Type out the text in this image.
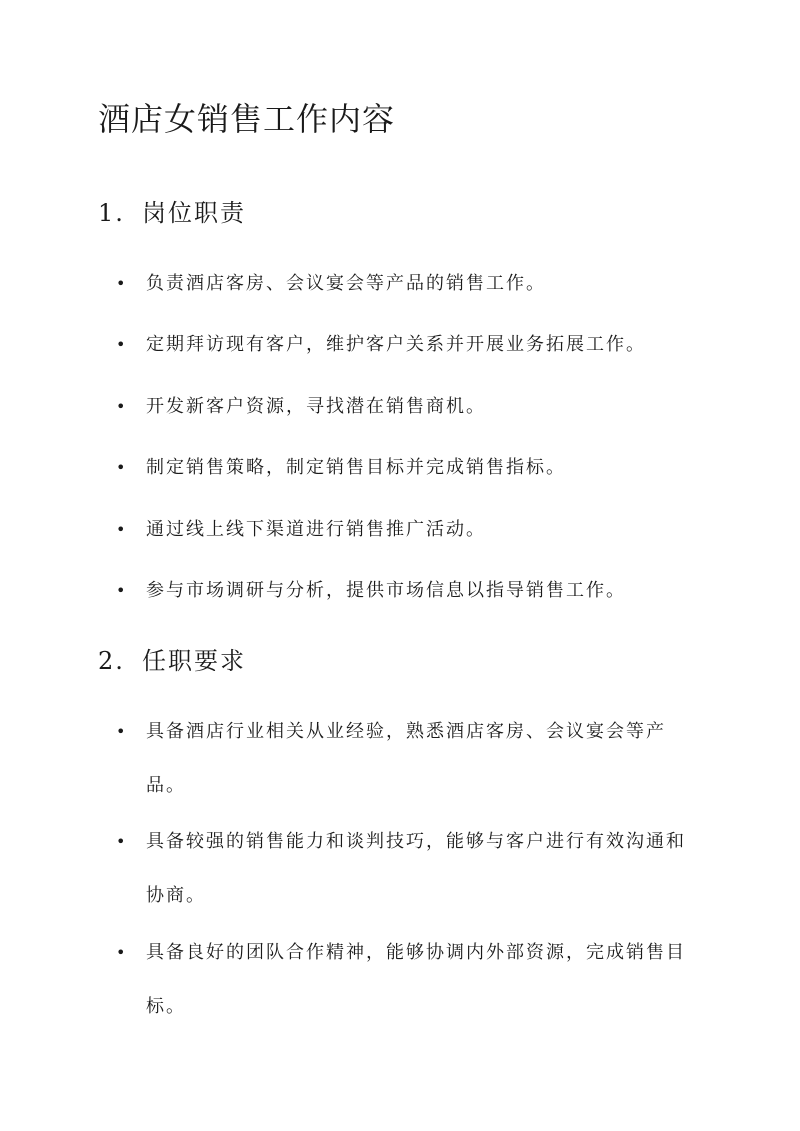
酒店女销售工作内容
1. 岗位职责
•	负责酒店客房、会议宴会等产品的销售工作。
•	定期拜访现有客户，维护客户关系并开展业务拓展工作。
•	开发新客户资源，寻找潜在销售商机。
•	制定销售策略，制定销售目标并完成销售指标。
•	通过线上线下渠道进行销售推广活动。
•	参与市场调研与分析，提供市场信息以指导销售工作。
2. 任职要求
•	具备酒店行业相关从业经验，熟悉酒店客房、会议宴会等产品。
•	具备较强的销售能力和谈判技巧，能够与客户进行有效沟通和协商。
•	具备良好的团队合作精神，能够协调内外部资源，完成销售目标。
